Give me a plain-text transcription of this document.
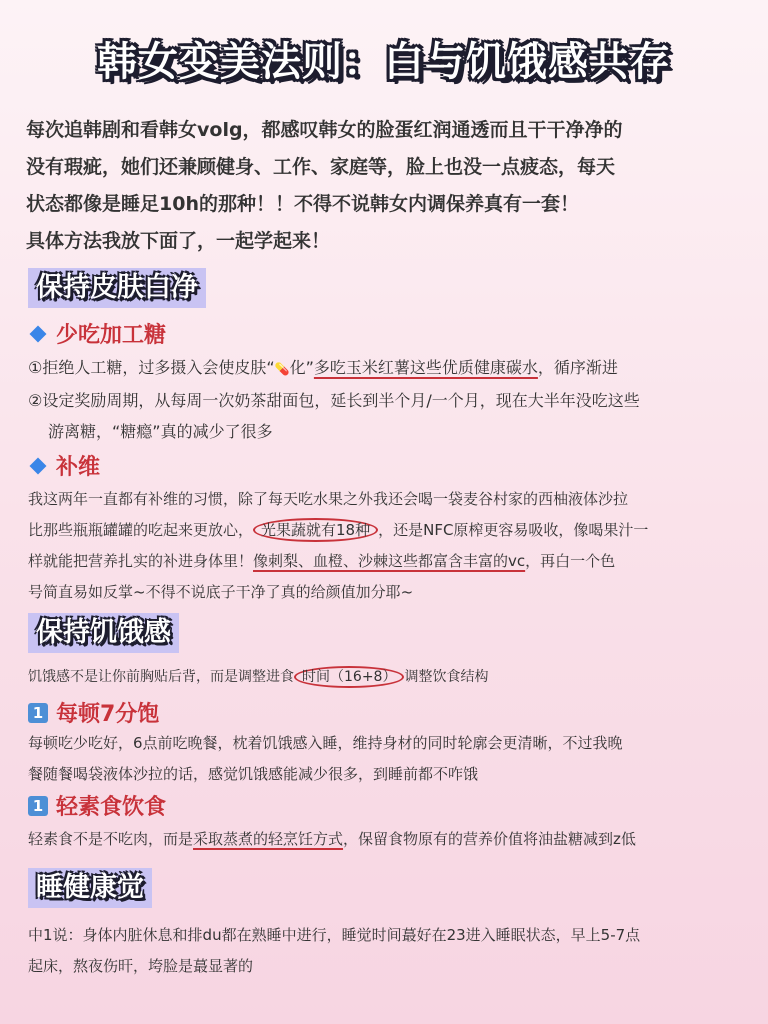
韩女变美法则：白与饥饿感共存
每次追韩剧和看韩女volg，都感叹韩女的脸蛋红润通透而且干干净净的
没有瑕疵，她们还兼顾健身、工作、家庭等，脸上也没一点疲态，每天
状态都像是睡足10h的那种！！不得不说韩女内调保养真有一套！
具体方法我放下面了，一起学起来！
保持皮肤白净
少吃加工糖
①拒绝人工糖，过多摄入会使皮肤“💊化”多吃玉米红薯这些优质健康碳水，循序渐进
②设定奖励周期，从每周一次奶茶甜面包，延长到半个月/一个月，现在大半年没吃这些
游离糖，“糖瘾”真的减少了很多
补维
我这两年一直都有补维的习惯，除了每天吃水果之外我还会喝一袋麦谷村家的西柚液体沙拉
比那些瓶瓶罐罐的吃起来更放心， 光果蔬就有18种 ，还是NFC原榨更容易吸收，像喝果汁一
样就能把营养扎实的补进身体里！像刺梨、血橙、沙棘这些都富含丰富的vc，再白一个色
号简直易如反掌~不得不说底子干净了真的给颜值加分耶~
保持饥饿感
饥饿感不是让你前胸贴后背，而是调整进食 时间（16+8） 调整饮食结构
1 每顿7分饱
每顿吃少吃好，6点前吃晚餐，枕着饥饿感入睡，维持身材的同时轮廓会更清晰，不过我晚
餐随餐喝袋液体沙拉的话，感觉饥饿感能减少很多，到睡前都不咋饿
1 轻素食饮食
轻素食不是不吃肉，而是采取蒸煮的轻烹饪方式，保留食物原有的营养价值将油盐糖减到z低
睡健康觉
中1说：身体内脏休息和排du都在熟睡中进行，睡觉时间蕞好在23进入睡眠状态，早上5-7点
起床，熬夜伤旰，垮脸是蕞显著的
